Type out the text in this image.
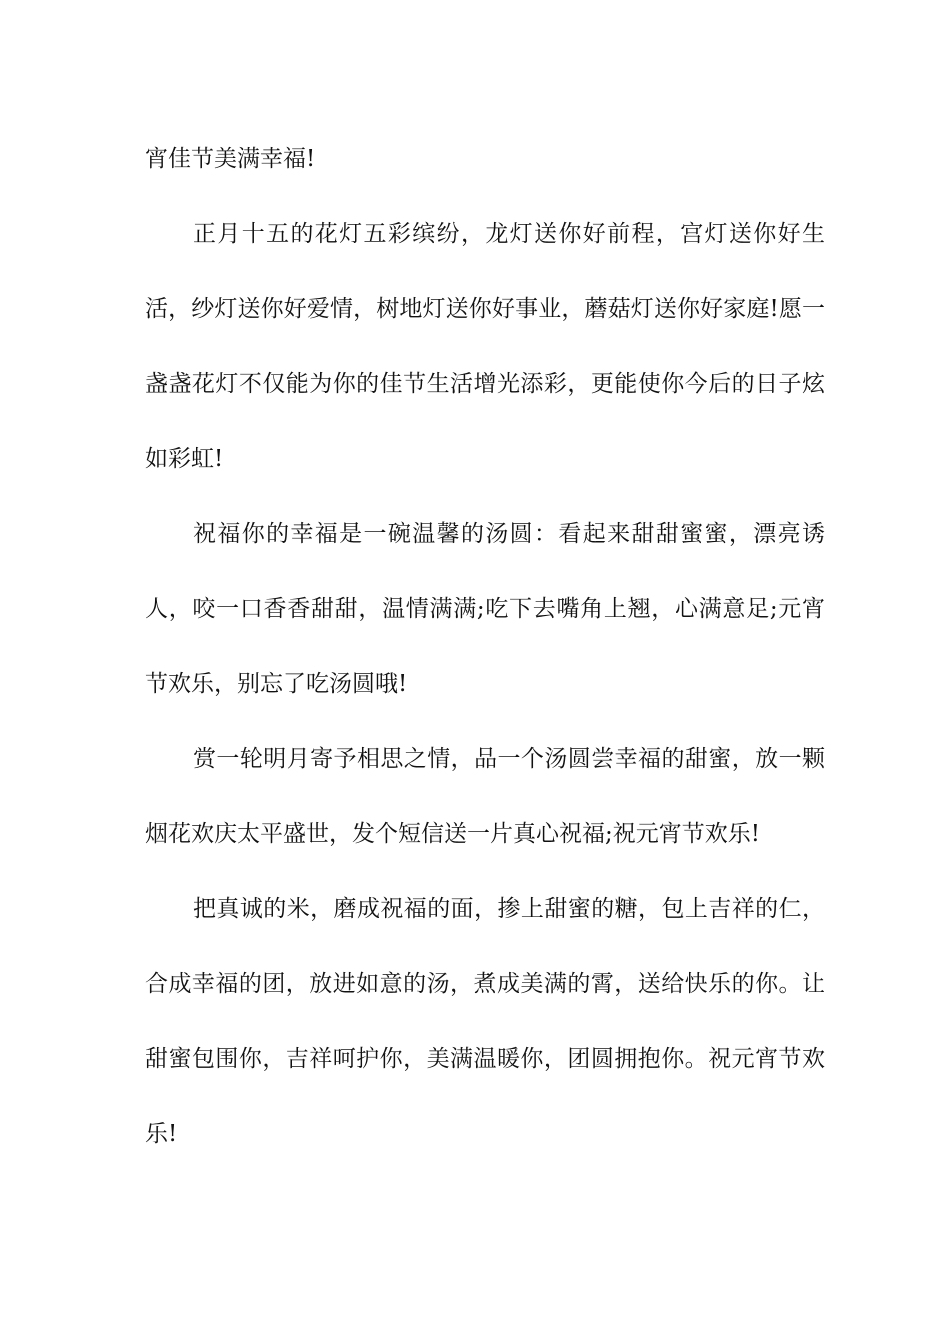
宵佳节美满幸福!

正月十五的花灯五彩缤纷，龙灯送你好前程，宫灯送你好生活，纱灯送你好爱情，树地灯送你好事业，蘑菇灯送你好家庭!愿一盏盏花灯不仅能为你的佳节生活增光添彩，更能使你今后的日子炫如彩虹!

祝福你的幸福是一碗温馨的汤圆：看起来甜甜蜜蜜，漂亮诱人，咬一口香香甜甜，温情满满;吃下去嘴角上翘，心满意足;元宵节欢乐，别忘了吃汤圆哦!

赏一轮明月寄予相思之情，品一个汤圆尝幸福的甜蜜，放一颗烟花欢庆太平盛世，发个短信送一片真心祝福;祝元宵节欢乐!

把真诚的米，磨成祝福的面，掺上甜蜜的糖，包上吉祥的仁，合成幸福的团，放进如意的汤，煮成美满的霄，送给快乐的你。让甜蜜包围你，吉祥呵护你，美满温暖你，团圆拥抱你。祝元宵节欢乐!
